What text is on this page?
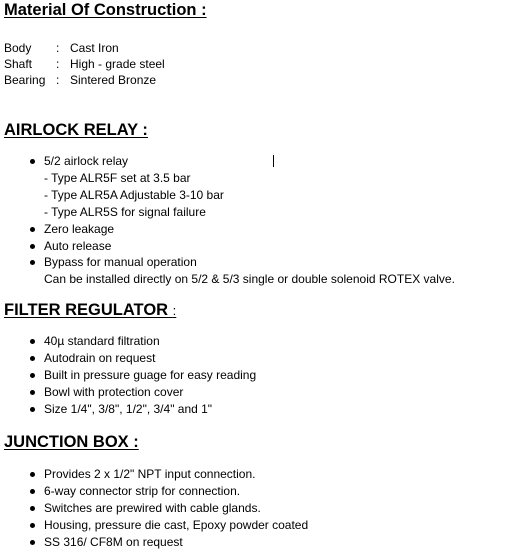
Material Of Construction :
Body : Cast Iron
Shaft : High - grade steel
Bearing : Sintered Bronze
AIRLOCK RELAY :
5/2 airlock relay
- Type ALR5F set at 3.5 bar
- Type ALR5A Adjustable 3-10 bar
- Type ALR5S for signal failure
Zero leakage
Auto release
Bypass for manual operation
Can be installed directly on 5/2 & 5/3 single or double solenoid ROTEX valve.
FILTER REGULATOR :
40µ standard filtration
Autodrain on request
Built in pressure guage for easy reading
Bowl with protection cover
Size 1/4", 3/8", 1/2", 3/4" and 1"
JUNCTION BOX :
Provides 2 x 1/2" NPT input connection.
6-way connector strip for connection.
Switches are prewired with cable glands.
Housing, pressure die cast, Epoxy powder coated
SS 316/ CF8M on request
